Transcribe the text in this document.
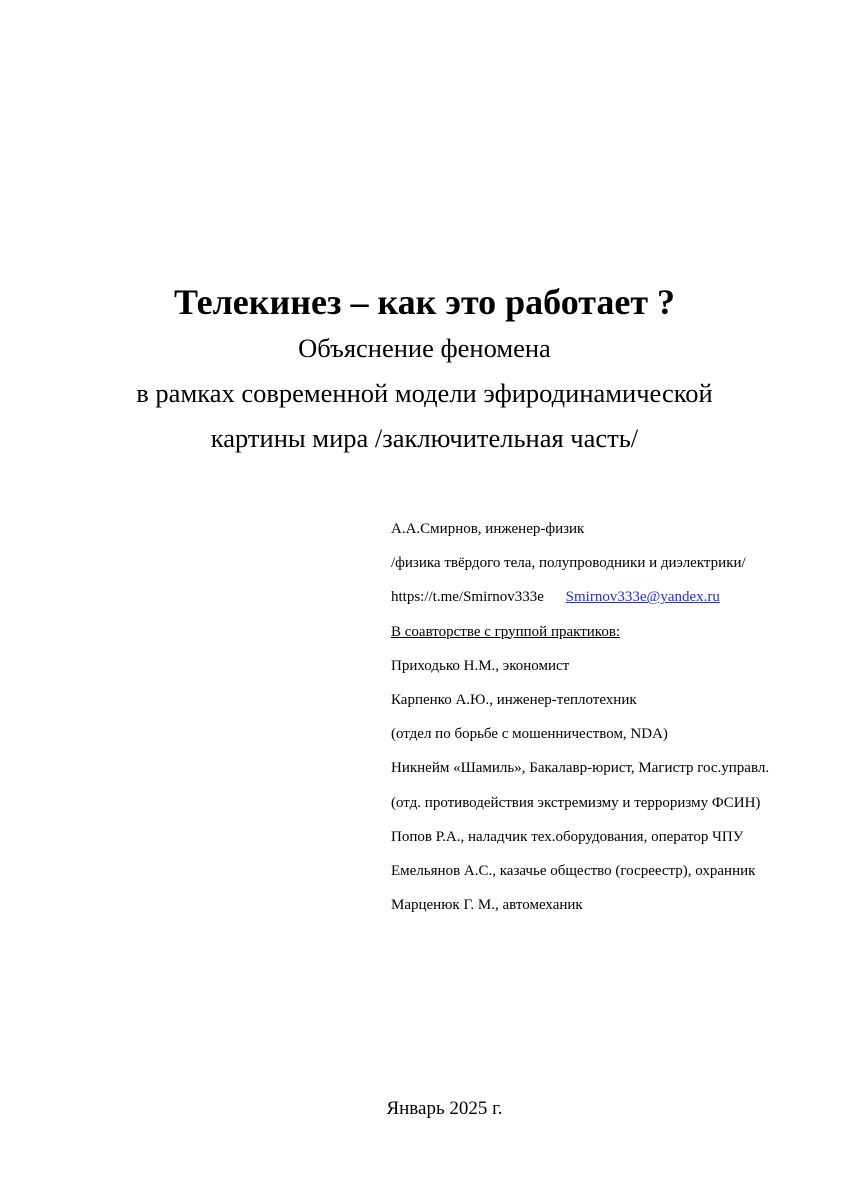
Телекинез – как это работает ?
Объяснение феномена
в рамках современной модели эфиродинамической
картины мира /заключительная часть/
А.А.Смирнов, инженер-физик
/физика твёрдого тела, полупроводники и диэлектрики/
https://t.me/Smirnov333e Smirnov333e@yandex.ru
В соавторстве с группой практиков:
Приходько Н.М., экономист
Карпенко А.Ю., инженер-теплотехник
(отдел по борьбе с мошенничеством, NDA)
Никнейм «Шамиль», Бакалавр-юрист, Магистр гос.управл.
(отд. противодействия экстремизму и терроризму ФСИН)
Попов Р.А., наладчик тех.оборудования, оператор ЧПУ
Емельянов А.С., казачье общество (госреестр), охранник
Марценюк Г. М., автомеханик
Январь 2025 г.
